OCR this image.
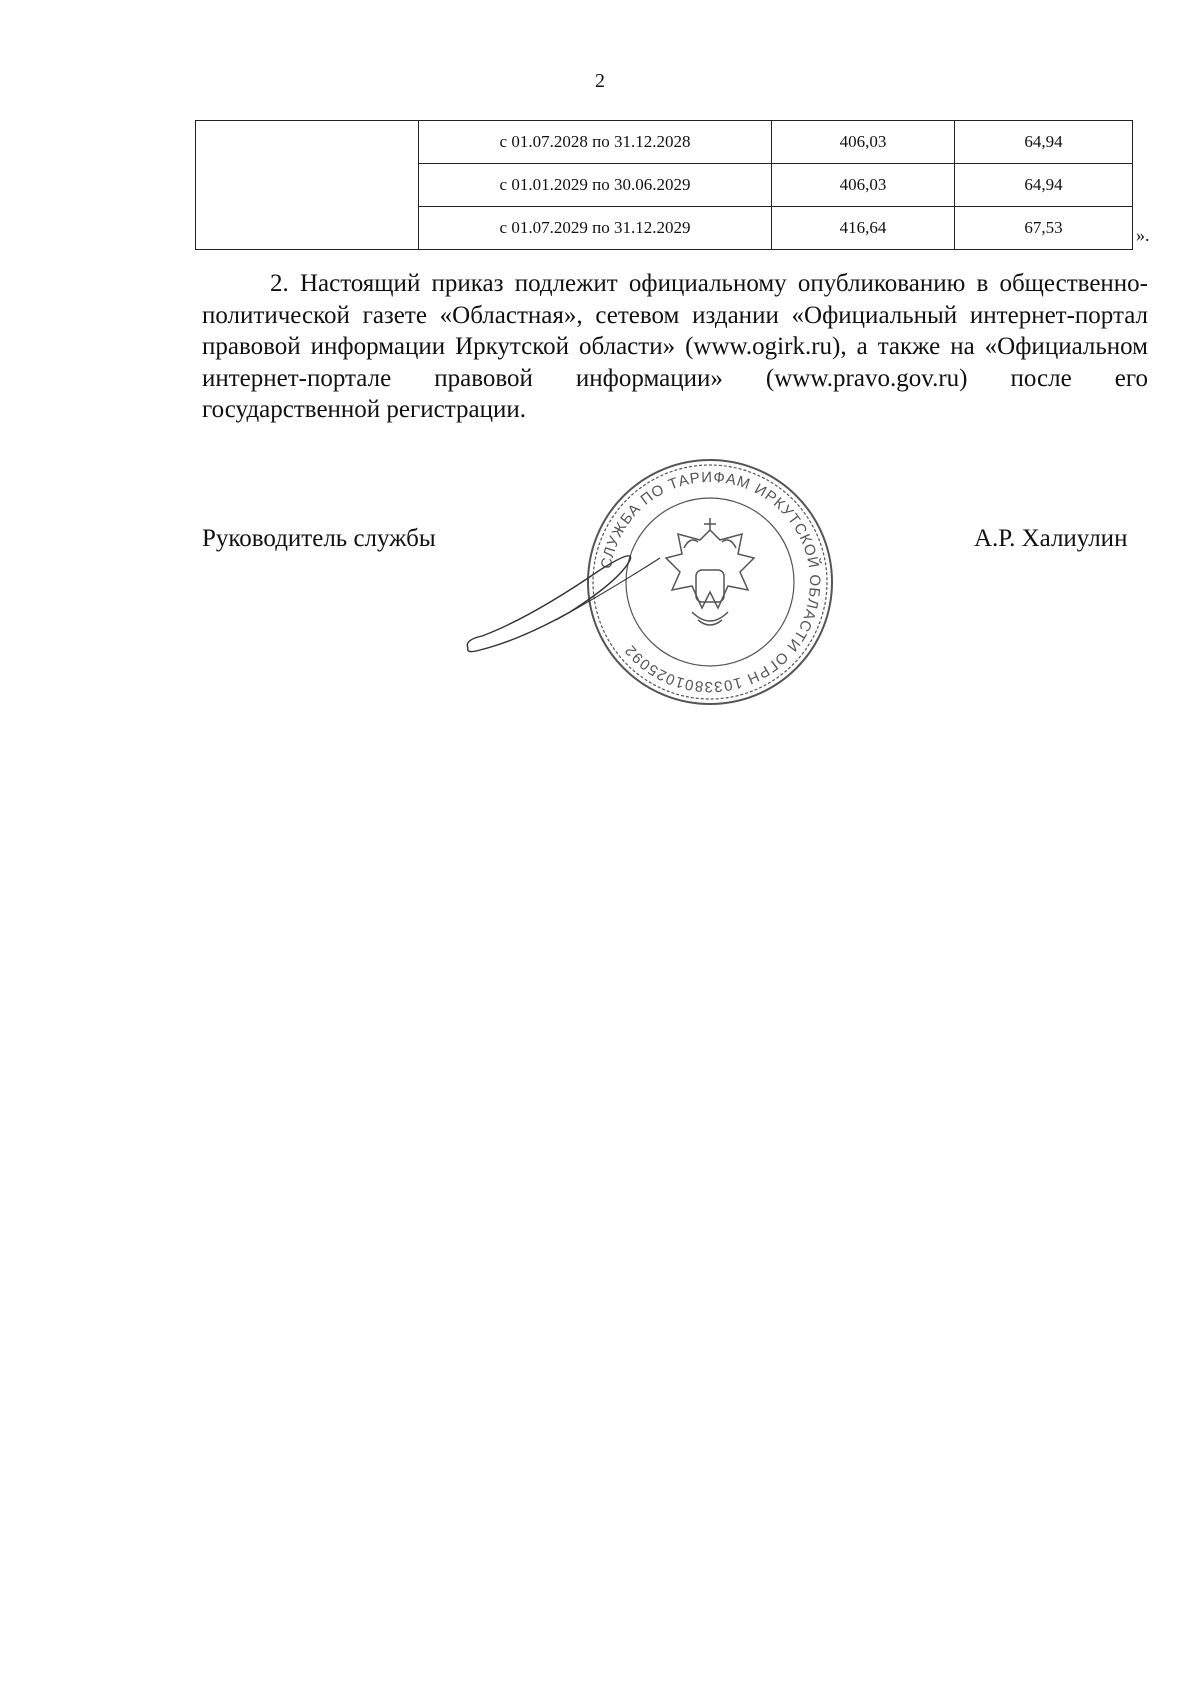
2
	с 01.07.2028 по 31.12.2028	406,03	64,94
	с 01.01.2029 по 30.06.2029	406,03	64,94
	с 01.07.2029 по 31.12.2029	416,64	67,53	».

2. Настоящий приказ подлежит официальному опубликованию в общественно-политической газете «Областная», сетевом издании «Официальный интернет-портал правовой информации Иркутской области» (www.ogirk.ru), а также на «Официальном интернет-портале правовой информации» (www.pravo.gov.ru) после его государственной регистрации.

Руководитель службы	А.Р. Халиулин
СЛУЖБА ПО ТАРИФАМ ИРКУТСКОЙ ОБЛАСТИ ОГРН 1033801025092
